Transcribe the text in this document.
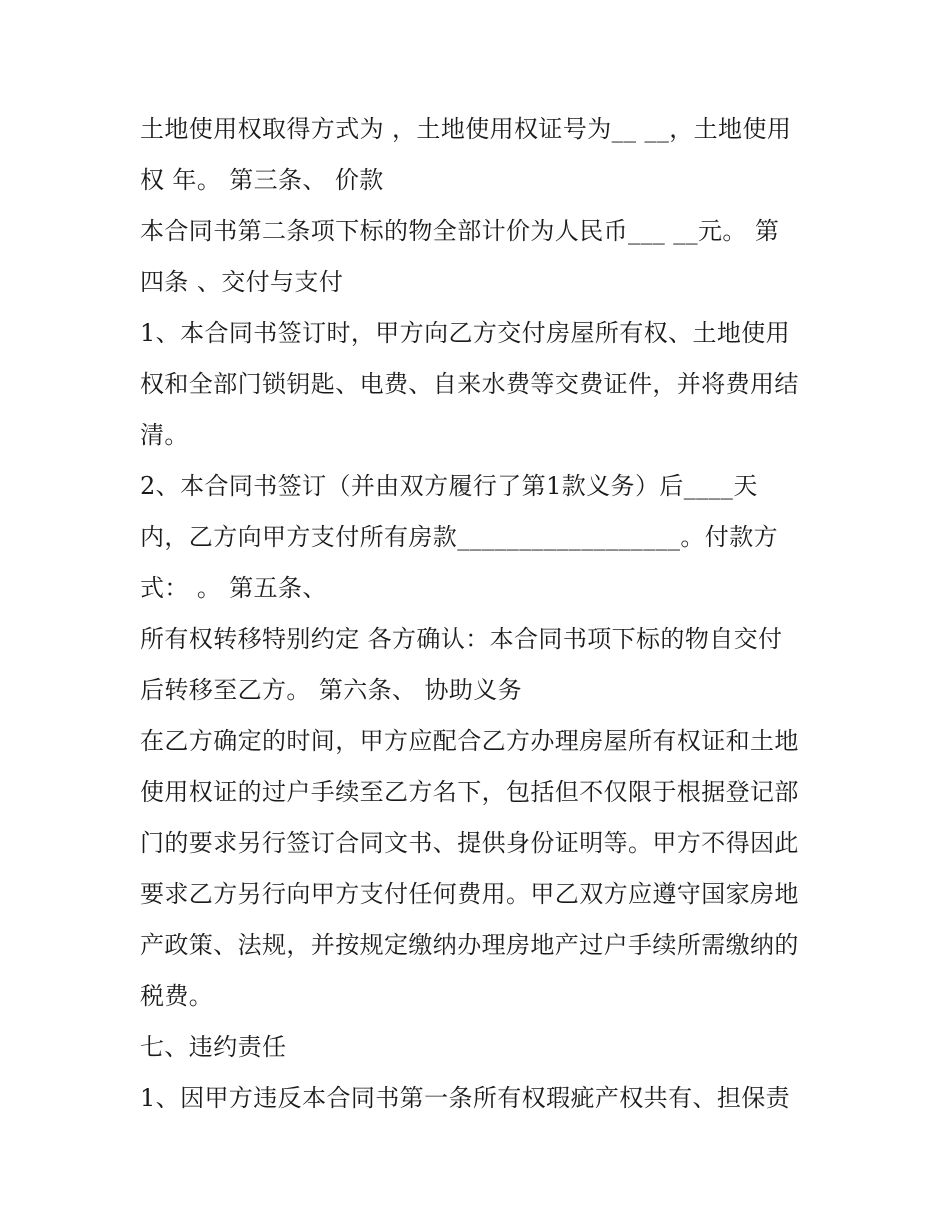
土地使用权取得方式为 ，土地使用权证号为__ __，土地使用
权 年。 第三条、 价款
本合同书第二条项下标的物全部计价为人民币___ __元。 第
四条 、交付与支付
1、本合同书签订时，甲方向乙方交付房屋所有权、土地使用
权和全部门锁钥匙、电费、自来水费等交费证件，并将费用结
清。
2、本合同书签订（并由双方履行了第1款义务）后____天
内，乙方向甲方支付所有房款__________________。付款方
式： 。 第五条、
所有权转移特别约定 各方确认：本合同书项下标的物自交付
后转移至乙方。 第六条、 协助义务
在乙方确定的时间，甲方应配合乙方办理房屋所有权证和土地
使用权证的过户手续至乙方名下，包括但不仅限于根据登记部
门的要求另行签订合同文书、提供身份证明等。甲方不得因此
要求乙方另行向甲方支付任何费用。甲乙双方应遵守国家房地
产政策、法规，并按规定缴纳办理房地产过户手续所需缴纳的
税费。
七、违约责任
1、因甲方违反本合同书第一条所有权瑕疵产权共有、担保责
